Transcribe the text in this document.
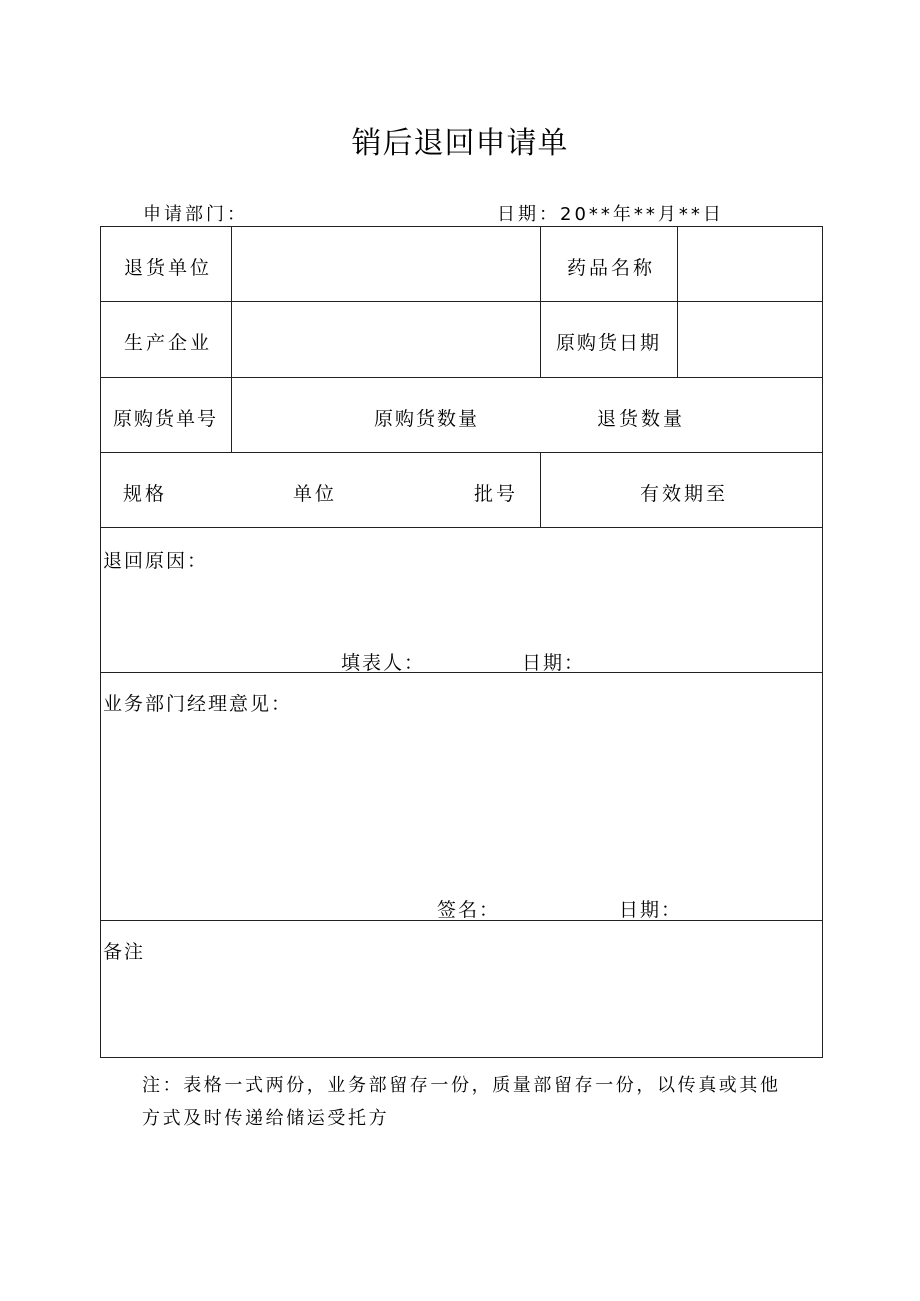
销后退回申请单
申请部门：	日期：20**年**月**日
退货单位	药品名称
生产企业	原购货日期
原购货单号	原购货数量	退货数量
规格	单位	批号	有效期至
退回原因：
填表人：	日期：
业务部门经理意见：
签名：	日期：
备注
注：表格一式两份，业务部留存一份，质量部留存一份，以传真或其他
方式及时传递给储运受托方
